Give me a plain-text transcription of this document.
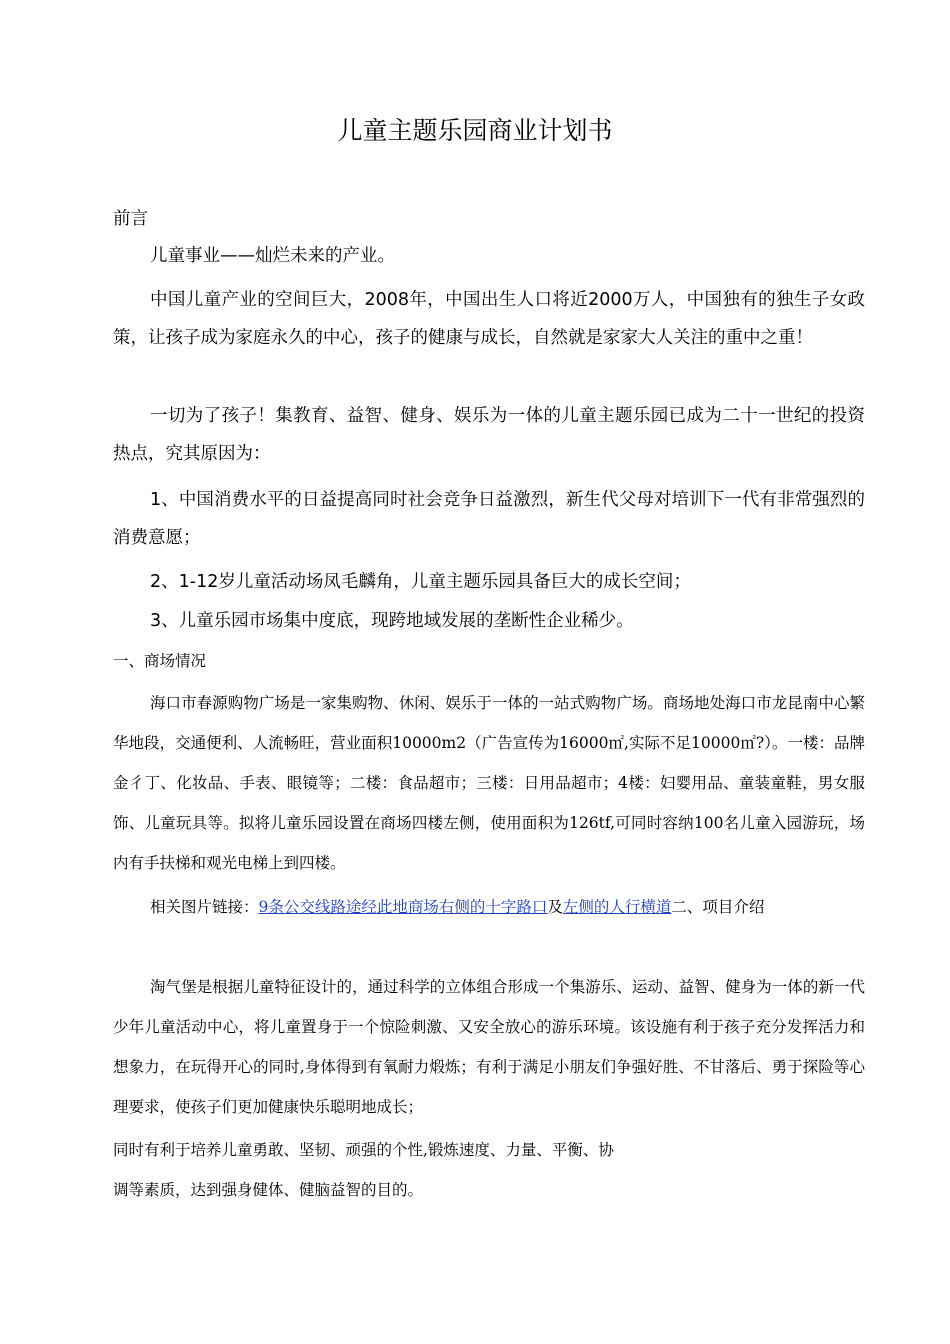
儿童主题乐园商业计划书

前言

儿童事业——灿烂未来的产业。

中国儿童产业的空间巨大，2008年，中国出生人口将近2000万人，中国独有的独生子女政策，让孩子成为家庭永久的中心，孩子的健康与成长，自然就是家家大人关注的重中之重！

一切为了孩子！集教育、益智、健身、娱乐为一体的儿童主题乐园已成为二十一世纪的投资热点，究其原因为：

1、中国消费水平的日益提高同时社会竞争日益激烈，新生代父母对培训下一代有非常强烈的消费意愿；

2、1-12岁儿童活动场凤毛麟角，儿童主题乐园具备巨大的成长空间；

3、儿童乐园市场集中度底，现跨地域发展的垄断性企业稀少。

一、商场情况

海口市春源购物广场是一家集购物、休闲、娱乐于一体的一站式购物广场。商场地处海口市龙昆南中心繁华地段，交通便利、人流畅旺，营业面积10000m2（广告宣传为16000㎡,实际不足10000㎡?）。一楼：品牌金彳丁、化妆品、手表、眼镜等；二楼：食品超市；三楼：日用品超市；4楼：妇婴用品、童装童鞋，男女服饰、儿童玩具等。拟将儿童乐园设置在商场四楼左侧，使用面积为126tf,可同时容纳100名儿童入园游玩，场内有手扶梯和观光电梯上到四楼。

相关图片链接：9条公交线路途经此地商场右侧的十字路口及左侧的人行横道二、项目介绍

淘气堡是根据儿童特征设计的，通过科学的立体组合形成一个集游乐、运动、益智、健身为一体的新一代少年儿童活动中心，将儿童置身于一个惊险刺激、又安全放心的游乐环境。该设施有利于孩子充分发挥活力和想象力，在玩得开心的同时,身体得到有氧耐力煅炼；有利于满足小朋友们争强好胜、不甘落后、勇于探险等心理要求，使孩子们更加健康快乐聪明地成长；

同时有利于培养儿童勇敢、坚韧、顽强的个性,锻炼速度、力量、平衡、协

调等素质，达到强身健体、健脑益智的目的。
